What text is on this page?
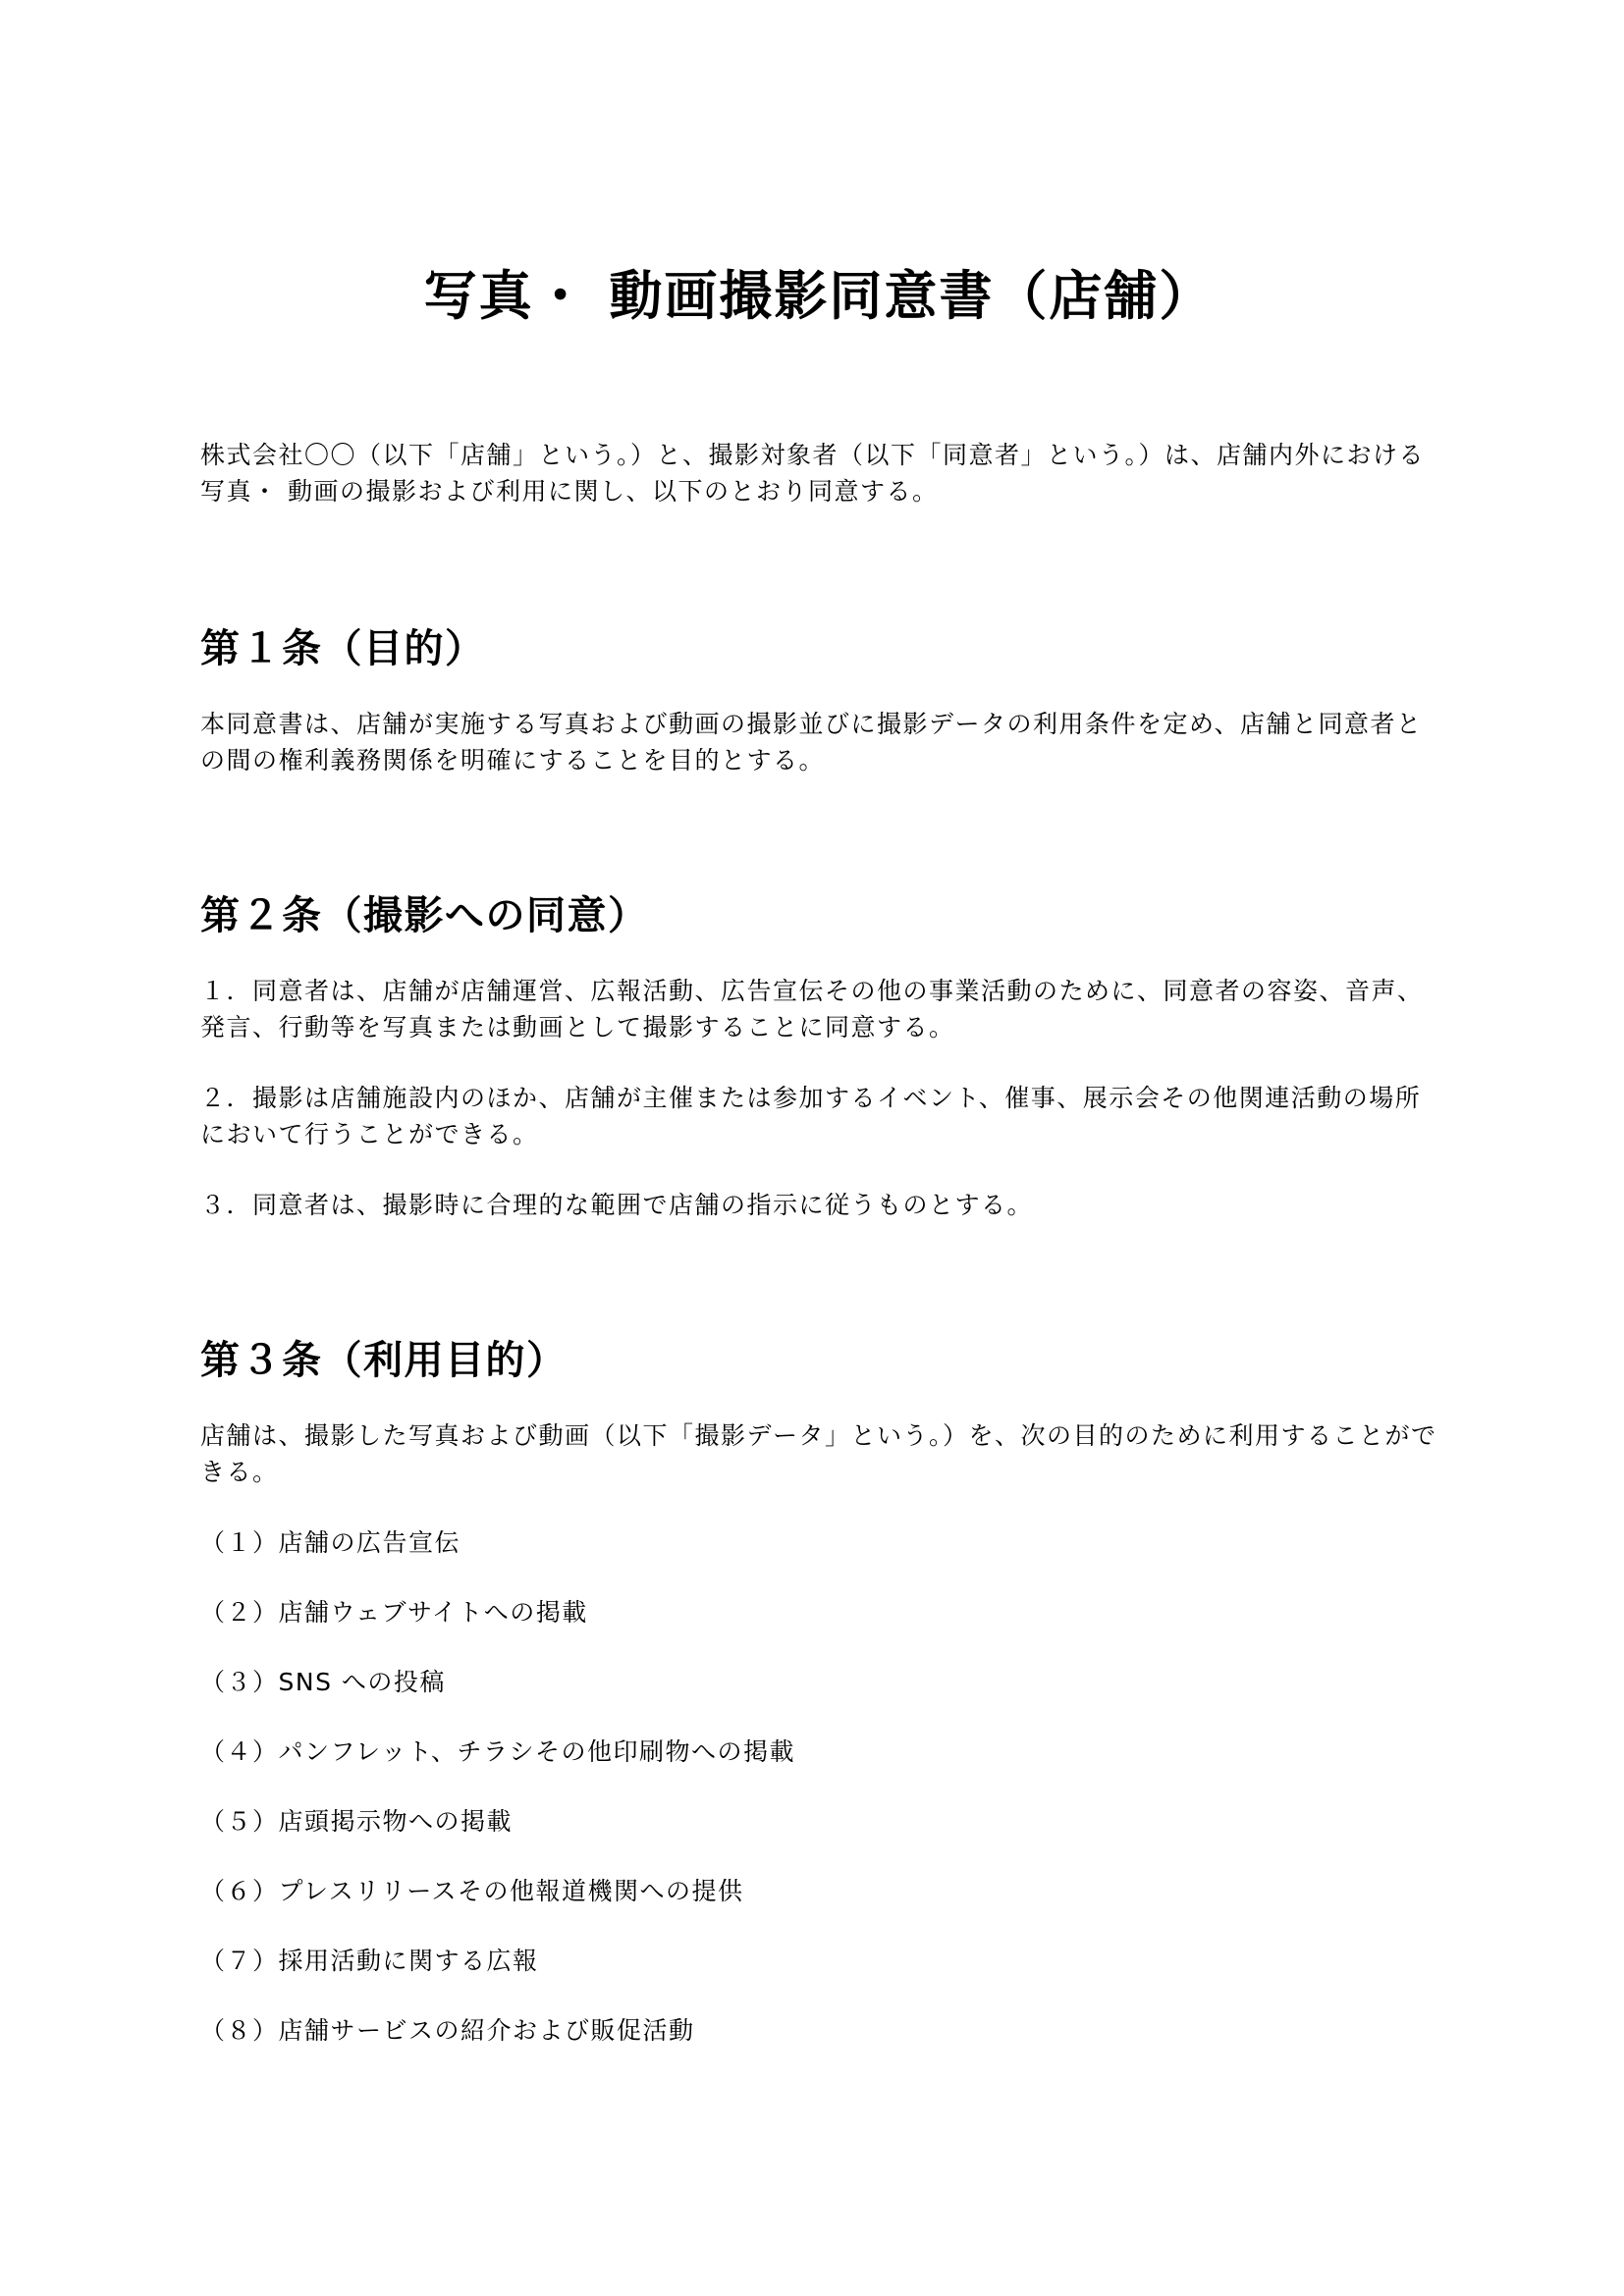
写真・ 動画撮影同意書（店舗）

株式会社〇〇（以下「店舗」という。）と、撮影対象者（以下「同意者」という。）は、店舗内外における写真・ 動画の撮影および利用に関し、以下のとおり同意する。

第１条（目的）

本同意書は、店舗が実施する写真および動画の撮影並びに撮影データの利用条件を定め、店舗と同意者との間の権利義務関係を明確にすることを目的とする。

第２条（撮影への同意）

１．同意者は、店舗が店舗運営、広報活動、広告宣伝その他の事業活動のために、同意者の容姿、音声、発言、行動等を写真または動画として撮影することに同意する。

２．撮影は店舗施設内のほか、店舗が主催または参加するイベント、催事、展示会その他関連活動の場所において行うことができる。

３．同意者は、撮影時に合理的な範囲で店舗の指示に従うものとする。

第３条（利用目的）

店舗は、撮影した写真および動画（以下「撮影データ」という。）を、次の目的のために利用することができる。

（１）店舗の広告宣伝
（２）店舗ウェブサイトへの掲載
（３）SNS への投稿
（４）パンフレット、チラシその他印刷物への掲載
（５）店頭掲示物への掲載
（６）プレスリリースその他報道機関への提供
（７）採用活動に関する広報
（８）店舗サービスの紹介および販促活動
